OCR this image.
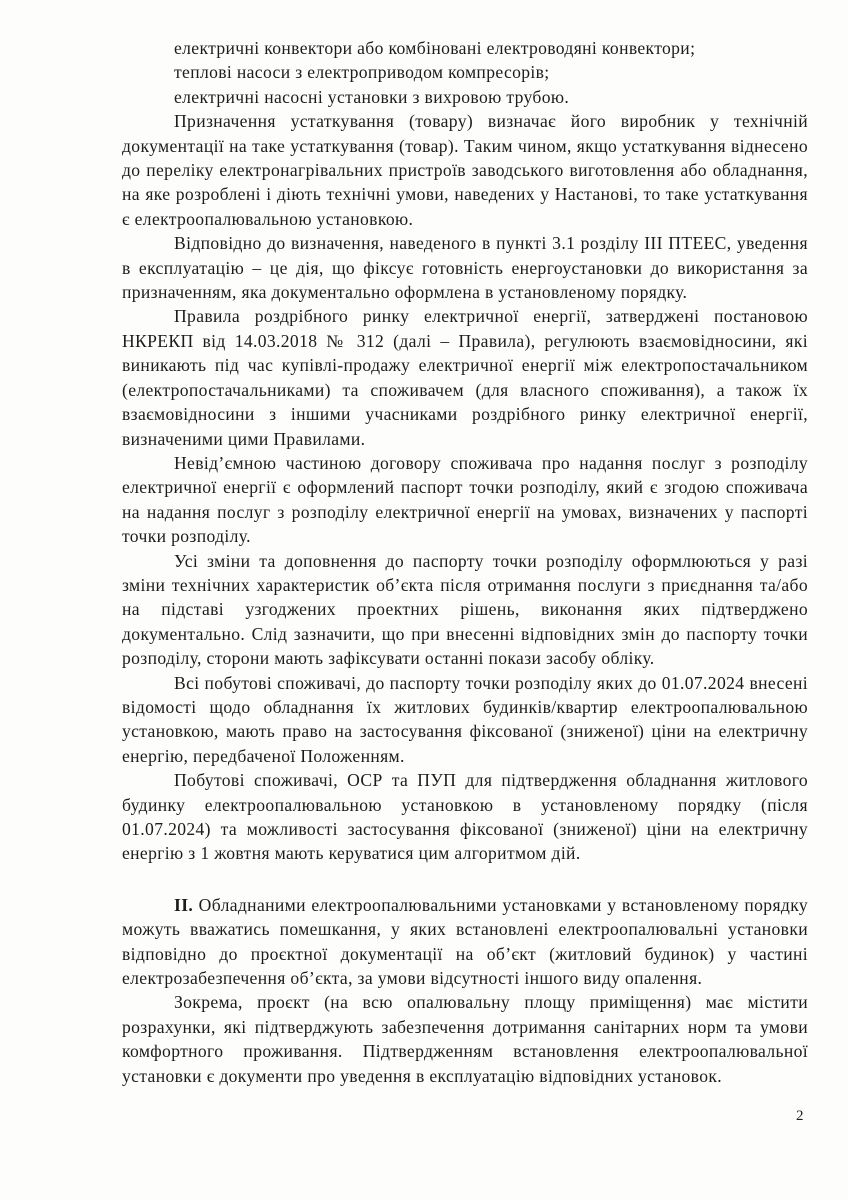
електричні конвектори або комбіновані електроводяні конвектори;

теплові насоси з електроприводом компресорів;

електричні насосні установки з вихровою трубою.

Призначення устаткування (товару) визначає його виробник у технічній документації на таке устаткування (товар). Таким чином, якщо устаткування віднесено до переліку електронагрівальних пристроїв заводського виготовлення або обладнання, на яке розроблені і діють технічні умови, наведених у Настанові, то таке устаткування є електроопалювальною установкою.

Відповідно до визначення, наведеного в пункті 3.1 розділу III ПТЕЕС, уведення в експлуатацію – це дія, що фіксує готовність енергоустановки до використання за призначенням, яка документально оформлена в установленому порядку.

Правила роздрібного ринку електричної енергії, затверджені постановою НКРЕКП від 14.03.2018 № 312 (далі – Правила), регулюють взаємовідносини, які виникають під час купівлі-продажу електричної енергії між електропостачальником (електропостачальниками) та споживачем (для власного споживання), а також їх взаємовідносини з іншими учасниками роздрібного ринку електричної енергії, визначеними цими Правилами.

Невід’ємною частиною договору споживача про надання послуг з розподілу електричної енергії є оформлений паспорт точки розподілу, який є згодою споживача на надання послуг з розподілу електричної енергії на умовах, визначених у паспорті точки розподілу.

Усі зміни та доповнення до паспорту точки розподілу оформлюються у разі зміни технічних характеристик об’єкта після отримання послуги з приєднання та/або на підставі узгоджених проектних рішень, виконання яких підтверджено документально. Слід зазначити, що при внесенні відповідних змін до паспорту точки розподілу, сторони мають зафіксувати останні покази засобу обліку.

Всі побутові споживачі, до паспорту точки розподілу яких до 01.07.2024 внесені відомості щодо обладнання їх житлових будинків/квартир електроопалювальною установкою, мають право на застосування фіксованої (зниженої) ціни на електричну енергію, передбаченої Положенням.

Побутові споживачі, ОСР та ПУП для підтвердження обладнання житлового будинку електроопалювальною установкою в установленому порядку (після 01.07.2024) та можливості застосування фіксованої (зниженої) ціни на електричну енергію з 1 жовтня мають керуватися цим алгоритмом дій.

II. Обладнаними електроопалювальними установками у встановленому порядку можуть вважатись помешкання, у яких встановлені електроопалювальні установки відповідно до проєктної документації на об’єкт (житловий будинок) у частині електрозабезпечення об’єкта, за умови відсутності іншого виду опалення.

Зокрема, проєкт (на всю опалювальну площу приміщення) має містити розрахунки, які підтверджують забезпечення дотримання санітарних норм та умови комфортного проживання. Підтвердженням встановлення електроопалювальної установки є документи про уведення в експлуатацію відповідних установок.

2
